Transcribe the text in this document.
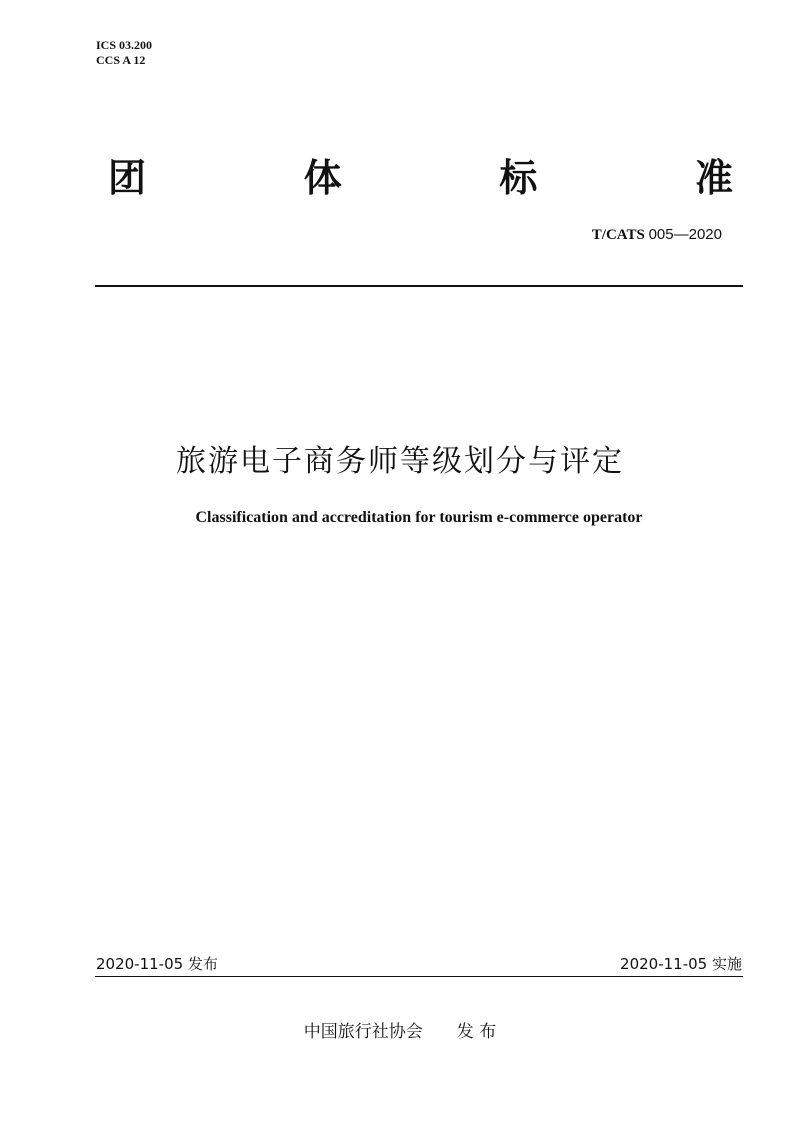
ICS 03.200
CCS A 12
团	体	标	准
T/CATS 005—2020
旅游电子商务师等级划分与评定
Classification and accreditation for tourism e-commerce operator
2020-11-05 发布	2020-11-05 实施
中国旅行社协会 发 布
